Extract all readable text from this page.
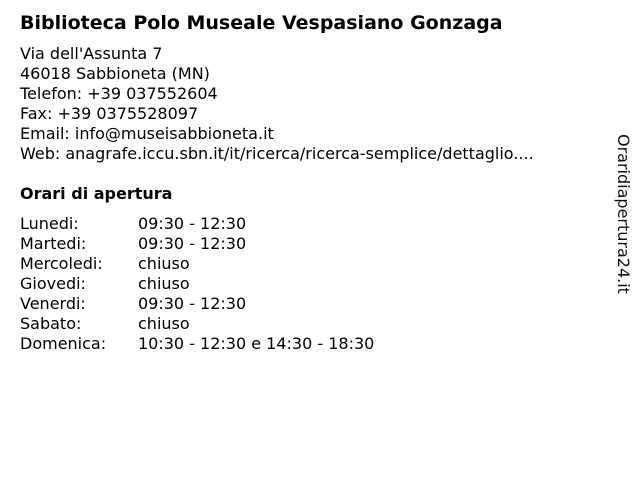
Biblioteca Polo Museale Vespasiano Gonzaga
Via dell'Assunta 7
46018 Sabbioneta (MN)
Telefon: +39 037552604
Fax: +39 0375528097
Email: info@museisabbioneta.it
Web: anagrafe.iccu.sbn.it/it/ricerca/ricerca-semplice/dettaglio....
Orari di apertura
Lunedi:	09:30 - 12:30
Martedi:	09:30 - 12:30
Mercoledi: chiuso
Giovedi:	chiuso
Venerdi:	09:30 - 12:30
Sabato:	chiuso
Domenica: 10:30 - 12:30 e 14:30 - 18:30
Oraridiapertura24.it
